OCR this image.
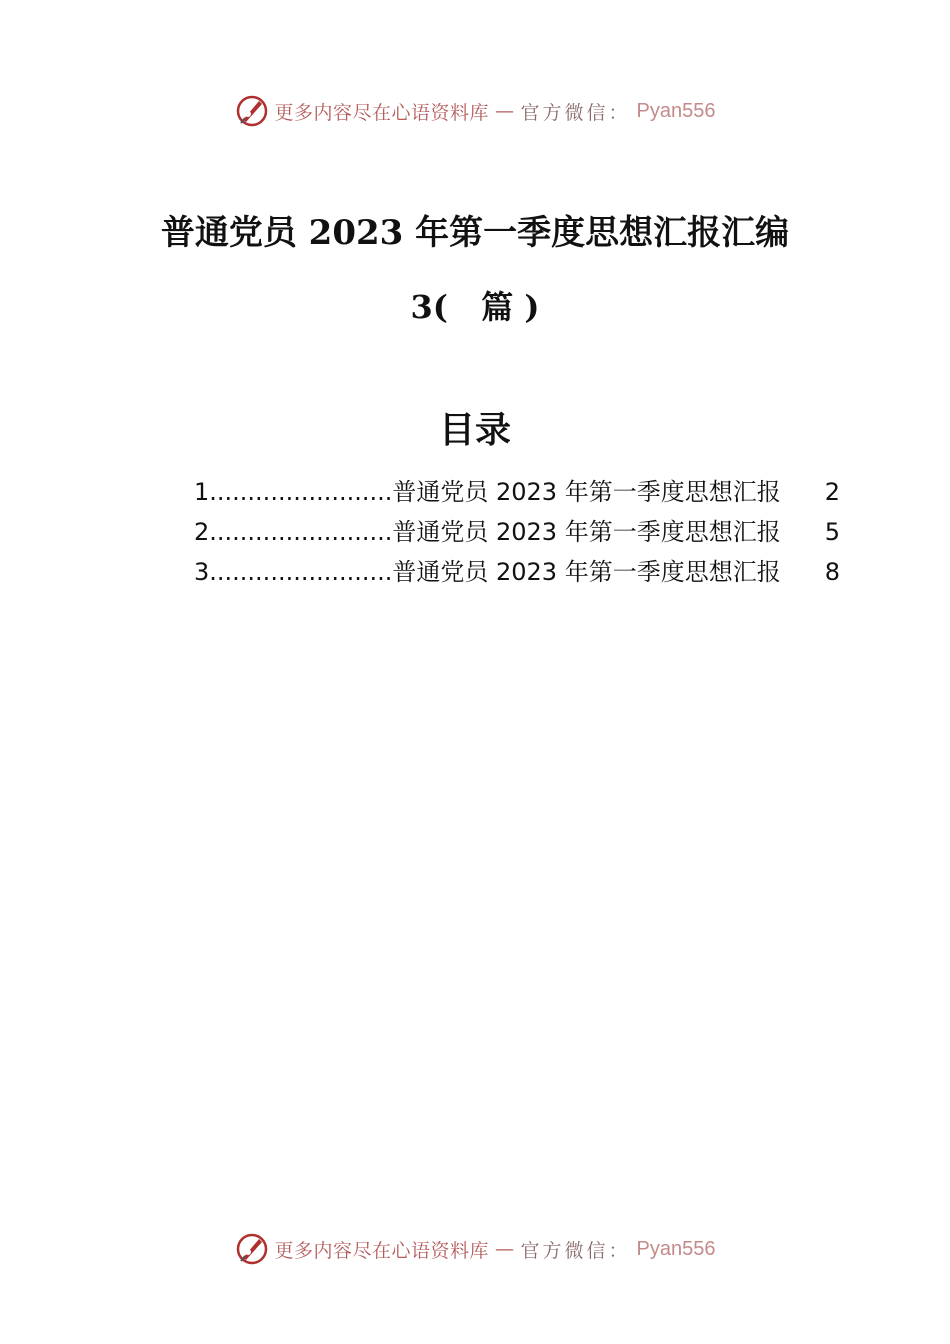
更多内容尽在心语资料库 — 官方微信： Pyan556
普通党员 2023 年第一季度思想汇报汇编
3(   篇 )
目录
1 ........................ 普通党员 2023 年第一季度思想汇报	2
2 ........................ 普通党员 2023 年第一季度思想汇报	5
3 ........................ 普通党员 2023 年第一季度思想汇报	8
更多内容尽在心语资料库 — 官方微信： Pyan556
